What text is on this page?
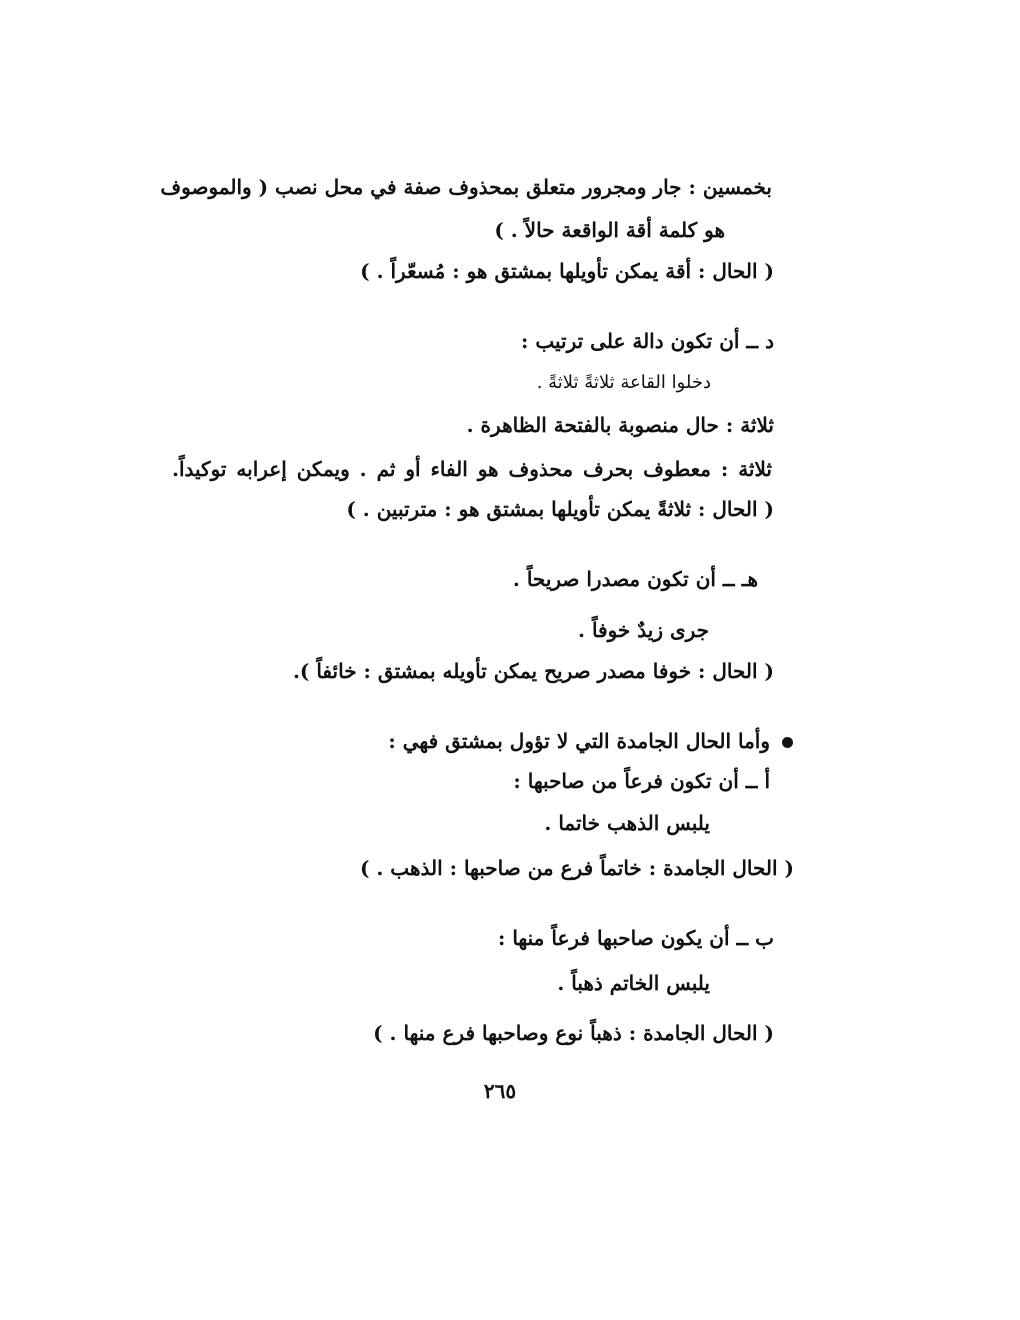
بخمسين : جار ومجرور متعلق بمحذوف صفة في محل نصب ( والموصوف
هو كلمة أقة الواقعة حالاً . )
( الحال : أقة يمكن تأويلها بمشتق هو : مُسعّراً . )
د ــ أن تكون دالة على ترتيب :
دخلوا القاعة ثلاثةً ثلاثةً .
ثلاثة : حال منصوبة بالفتحة الظاهرة .
ثلاثة : معطوف بحرف محذوف هو الفاء أو ثم . ويمكن إعرابه توكيداً.
( الحال : ثلاثةً يمكن تأويلها بمشتق هو : مترتبين . )
هـ ــ أن تكون مصدرا صريحاً .
جرى زيدٌ خوفاً .
( الحال : خوفا مصدر صريح يمكن تأويله بمشتق : خائفاً ).
وأما الحال الجامدة التي لا تؤول بمشتق فهي :
أ ــ أن تكون فرعاً من صاحبها :
يلبس الذهب خاتما .
( الحال الجامدة : خاتماً فرع من صاحبها : الذهب . )
ب ــ أن يكون صاحبها فرعاً منها :
يلبس الخاتم ذهباً .
( الحال الجامدة : ذهباً نوع وصاحبها فرع منها . )
٢٦٥
